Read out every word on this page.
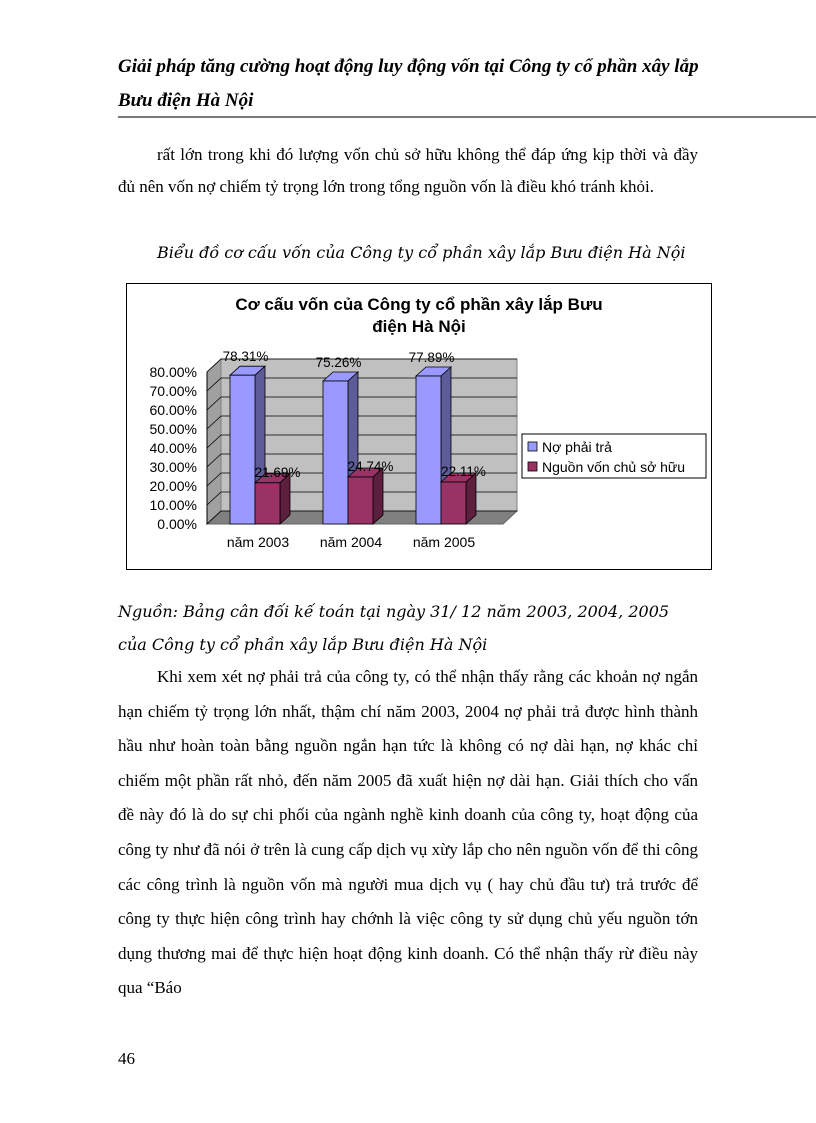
Giải pháp tăng cường hoạt động luy động vốn tại Công ty cổ phần xây lắp Bưu điện Hà Nội

rất lớn trong khi đó lượng vốn chủ sở hữu không thể đáp ứng kịp thời và đầy đủ nên vốn nợ chiếm tỷ trọng lớn trong tổng nguồn vốn là điều khó tránh khỏi.

Biểu đồ cơ cấu vốn của Công ty cổ phần xây lắp Bưu điện Hà Nội
Cơ cấu vốn của Công ty cổ phần xây lắp Bưu
điện Hà Nội
0.00%
10.00%
20.00%
30.00%
40.00%
50.00%
60.00%
70.00%
80.00%
78.31%
21.69%
năm 2003
75.26%
24.74%
năm 2004
77.89%
22.11%
năm 2005
Nợ phải trả
Nguồn vốn chủ sở hữu
Nguồn: Bảng cân đối kế toán tại ngày 31/ 12 năm 2003, 2004, 2005 của Công ty cổ phần xây lắp Bưu điện Hà Nội

Khi xem xét nợ phải trả của công ty, có thể nhận thấy rằng các khoản nợ ngắn hạn chiếm tỷ trọng lớn nhất, thậm chí năm 2003, 2004 nợ phải trả được hình thành hầu như hoàn toàn bằng nguồn ngắn hạn tức là không có nợ dài hạn, nợ khác chỉ chiếm một phần rất nhỏ, đến năm 2005 đã xuất hiện nợ dài hạn. Giải thích cho vấn đề này đó là do sự chi phối của ngành nghề kinh doanh của công ty, hoạt động của công ty như đã nói ở trên là cung cấp dịch vụ xừy lắp cho nên nguồn vốn để thi công các công trình là nguồn vốn mà người mua dịch vụ ( hay chủ đầu tư) trả trước để công ty thực hiện công trình hay chớnh là việc công ty sử dụng chủ yếu nguồn tớn dụng thương mai để thực hiện hoạt động kinh doanh. Có thể nhận thấy rừ điều này qua “Báo

46
